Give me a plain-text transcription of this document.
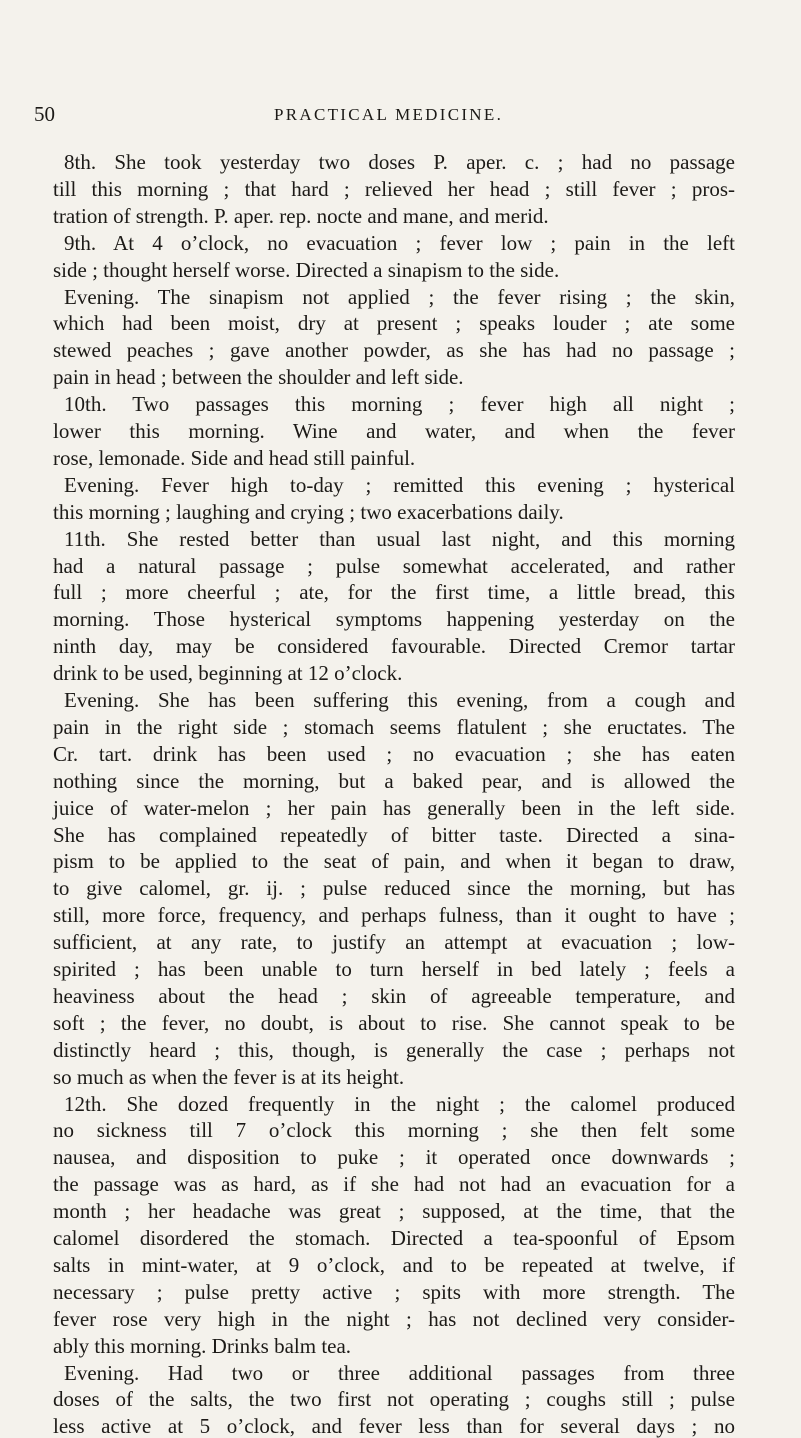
50	PRACTICAL MEDICINE.
8th. She took yesterday two doses P. aper. c. ; had no passage
till this morning ; that hard ; relieved her head ; still fever ; pros-
tration of strength. P. aper. rep. nocte and mane, and merid.
9th. At 4 o’clock, no evacuation ; fever low ; pain in the left
side ; thought herself worse. Directed a sinapism to the side.
Evening. The sinapism not applied ; the fever rising ; the skin,
which had been moist, dry at present ; speaks louder ; ate some
stewed peaches ; gave another powder, as she has had no passage ;
pain in head ; between the shoulder and left side.
10th. Two passages this morning ; fever high all night ;
lower this morning. Wine and water, and when the fever
rose, lemonade. Side and head still painful.
Evening. Fever high to-day ; remitted this evening ; hysterical
this morning ; laughing and crying ; two exacerbations daily.
11th. She rested better than usual last night, and this morning
had a natural passage ; pulse somewhat accelerated, and rather
full ; more cheerful ; ate, for the first time, a little bread, this
morning. Those hysterical symptoms happening yesterday on the
ninth day, may be considered favourable. Directed Cremor tartar
drink to be used, beginning at 12 o’clock.
Evening. She has been suffering this evening, from a cough and
pain in the right side ; stomach seems flatulent ; she eructates. The
Cr. tart. drink has been used ; no evacuation ; she has eaten
nothing since the morning, but a baked pear, and is allowed the
juice of water-melon ; her pain has generally been in the left side.
She has complained repeatedly of bitter taste. Directed a sina-
pism to be applied to the seat of pain, and when it began to draw,
to give calomel, gr. ij. ; pulse reduced since the morning, but has
still, more force, frequency, and perhaps fulness, than it ought to have ;
sufficient, at any rate, to justify an attempt at evacuation ; low-
spirited ; has been unable to turn herself in bed lately ; feels a
heaviness about the head ; skin of agreeable temperature, and
soft ; the fever, no doubt, is about to rise. She cannot speak to be
distinctly heard ; this, though, is generally the case ; perhaps not
so much as when the fever is at its height.
12th. She dozed frequently in the night ; the calomel produced
no sickness till 7 o’clock this morning ; she then felt some
nausea, and disposition to puke ; it operated once downwards ;
the passage was as hard, as if she had not had an evacuation for a
month ; her headache was great ; supposed, at the time, that the
calomel disordered the stomach. Directed a tea-spoonful of Epsom
salts in mint-water, at 9 o’clock, and to be repeated at twelve, if
necessary ; pulse pretty active ; spits with more strength. The
fever rose very high in the night ; has not declined very consider-
ably this morning. Drinks balm tea.
Evening. Had two or three additional passages from three
doses of the salts, the two first not operating ; coughs still ; pulse
less active at 5 o’clock, and fever less than for several days ; no
